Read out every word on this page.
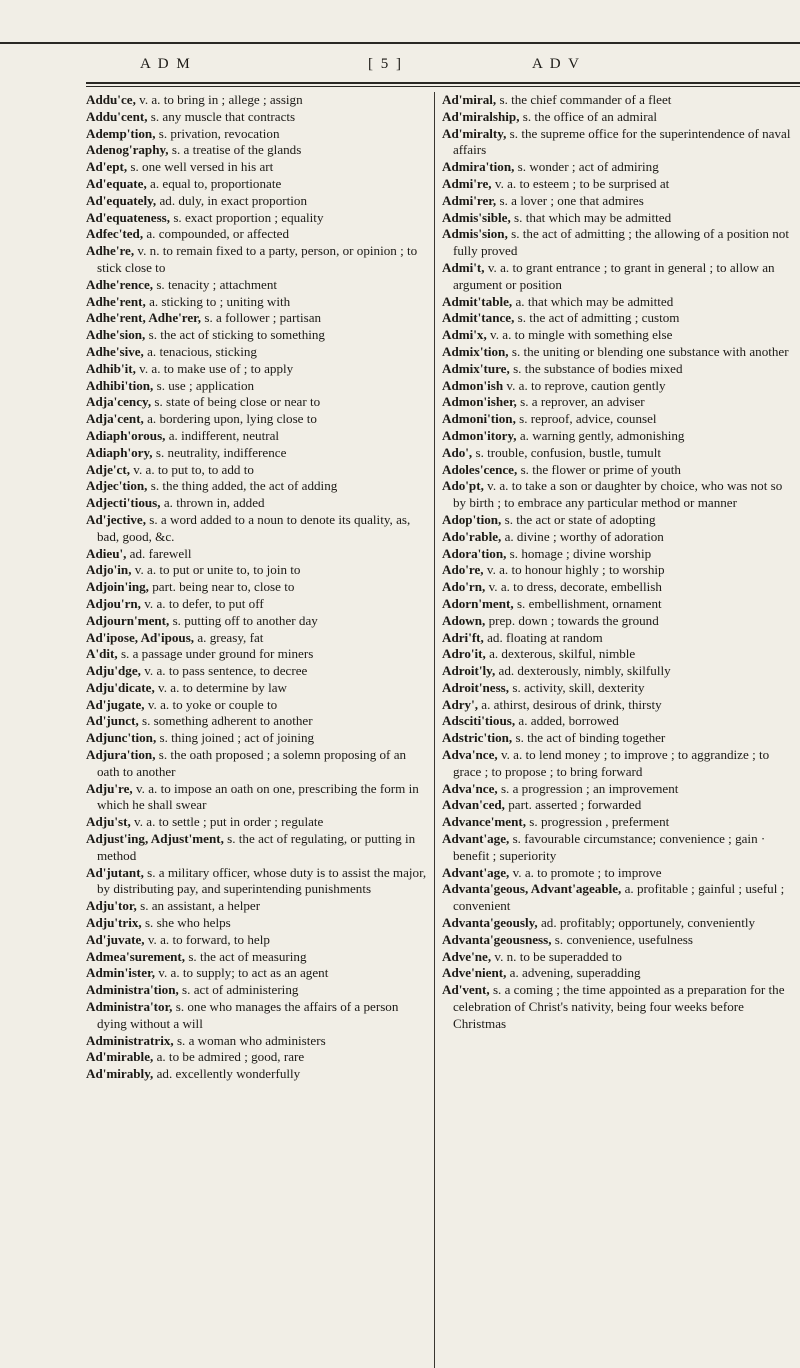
A D M	[ 5 ]	A D V

Addu'ce, v. a. to bring in ; allege ; assign

Addu'cent, s. any muscle that contracts

Ademp'tion, s. privation, revocation

Adenog'raphy, s. a treatise of the glands

Ad'ept, s. one well versed in his art

Ad'equate, a. equal to, proportionate

Ad'equately, ad. duly, in exact proportion

Ad'equateness, s. exact proportion ; equality

Adfec'ted, a. compounded, or affected

Adhe're, v. n. to remain fixed to a party, person, or opinion ; to stick close to

Adhe'rence, s. tenacity ; attachment

Adhe'rent, a. sticking to ; uniting with

Adhe'rent, Adhe'rer, s. a follower ; partisan

Adhe'sion, s. the act of sticking to something

Adhe'sive, a. tenacious, sticking

Adhib'it, v. a. to make use of ; to apply

Adhibi'tion, s. use ; application

Adja'cency, s. state of being close or near to

Adja'cent, a. bordering upon, lying close to

Adiaph'orous, a. indifferent, neutral

Adiaph'ory, s. neutrality, indifference

Adje'ct, v. a. to put to, to add to

Adjec'tion, s. the thing added, the act of adding

Adjecti'tious, a. thrown in, added

Ad'jective, s. a word added to a noun to denote its quality, as, bad, good, &c.

Adieu', ad. farewell

Adjo'in, v. a. to put or unite to, to join to

Adjoin'ing, part. being near to, close to

Adjou'rn, v. a. to defer, to put off

Adjourn'ment, s. putting off to another day

Ad'ipose, Ad'ipous, a. greasy, fat

A'dit, s. a passage under ground for miners

Adju'dge, v. a. to pass sentence, to decree

Adju'dicate, v. a. to determine by law

Ad'jugate, v. a. to yoke or couple to

Ad'junct, s. something adherent to another

Adjunc'tion, s. thing joined ; act of joining

Adjura'tion, s. the oath proposed ; a solemn proposing of an oath to another

Adju're, v. a. to impose an oath on one, prescribing the form in which he shall swear

Adju'st, v. a. to settle ; put in order ; regulate

Adjust'ing, Adjust'ment, s. the act of regulating, or putting in method

Ad'jutant, s. a military officer, whose duty is to assist the major, by distributing pay, and superintending punishments

Adju'tor, s. an assistant, a helper

Adju'trix, s. she who helps

Ad'juvate, v. a. to forward, to help

Admea'surement, s. the act of measuring

Admin'ister, v. a. to supply; to act as an agent

Administra'tion, s. act of administering

Administra'tor, s. one who manages the affairs of a person dying without a will

Administratrix, s. a woman who administers

Ad'mirable, a. to be admired ; good, rare

Ad'mirably, ad. excellently wonderfully

Ad'miral, s. the chief commander of a fleet

Ad'miralship, s. the office of an admiral

Ad'miralty, s. the supreme office for the superintendence of naval affairs

Admira'tion, s. wonder ; act of admiring

Admi're, v. a. to esteem ; to be surprised at

Admi'rer, s. a lover ; one that admires

Admis'sible, s. that which may be admitted

Admis'sion, s. the act of admitting ; the allowing of a position not fully proved

Admi't, v. a. to grant entrance ; to grant in general ; to allow an argument or position

Admit'table, a. that which may be admitted

Admit'tance, s. the act of admitting ; custom

Admi'x, v. a. to mingle with something else

Admix'tion, s. the uniting or blending one substance with another

Admix'ture, s. the substance of bodies mixed

Admon'ish v. a. to reprove, caution gently

Admon'isher, s. a reprover, an adviser

Admoni'tion, s. reproof, advice, counsel

Admon'itory, a. warning gently, admonishing

Ado', s. trouble, confusion, bustle, tumult

Adoles'cence, s. the flower or prime of youth

Ado'pt, v. a. to take a son or daughter by choice, who was not so by birth ; to embrace any particular method or manner

Adop'tion, s. the act or state of adopting

Ado'rable, a. divine ; worthy of adoration

Adora'tion, s. homage ; divine worship

Ado're, v. a. to honour highly ; to worship

Ado'rn, v. a. to dress, decorate, embellish

Adorn'ment, s. embellishment, ornament

Adown, prep. down ; towards the ground

Adri'ft, ad. floating at random

Adro'it, a. dexterous, skilful, nimble

Adroit'ly, ad. dexterously, nimbly, skilfully

Adroit'ness, s. activity, skill, dexterity

Adry', a. athirst, desirous of drink, thirsty

Adsciti'tious, a. added, borrowed

Adstric'tion, s. the act of binding together

Adva'nce, v. a. to lend money ; to improve ; to aggrandize ; to grace ; to propose ; to bring forward

Adva'nce, s. a progression ; an improvement

Advan'ced, part. asserted ; forwarded

Advance'ment, s. progression , preferment

Advant'age, s. favourable circumstance; convenience ; gain · benefit ; superiority

Advant'age, v. a. to promote ; to improve

Advanta'geous, Advant'ageable, a. profitable ; gainful ; useful ; convenient

Advanta'geously, ad. profitably; opportunely, conveniently

Advanta'geousness, s. convenience, usefulness

Adve'ne, v. n. to be superadded to

Adve'nient, a. advening, superadding

Ad'vent, s. a coming ; the time appointed as a preparation for the celebration of Christ's nativity, being four weeks before Christmas
